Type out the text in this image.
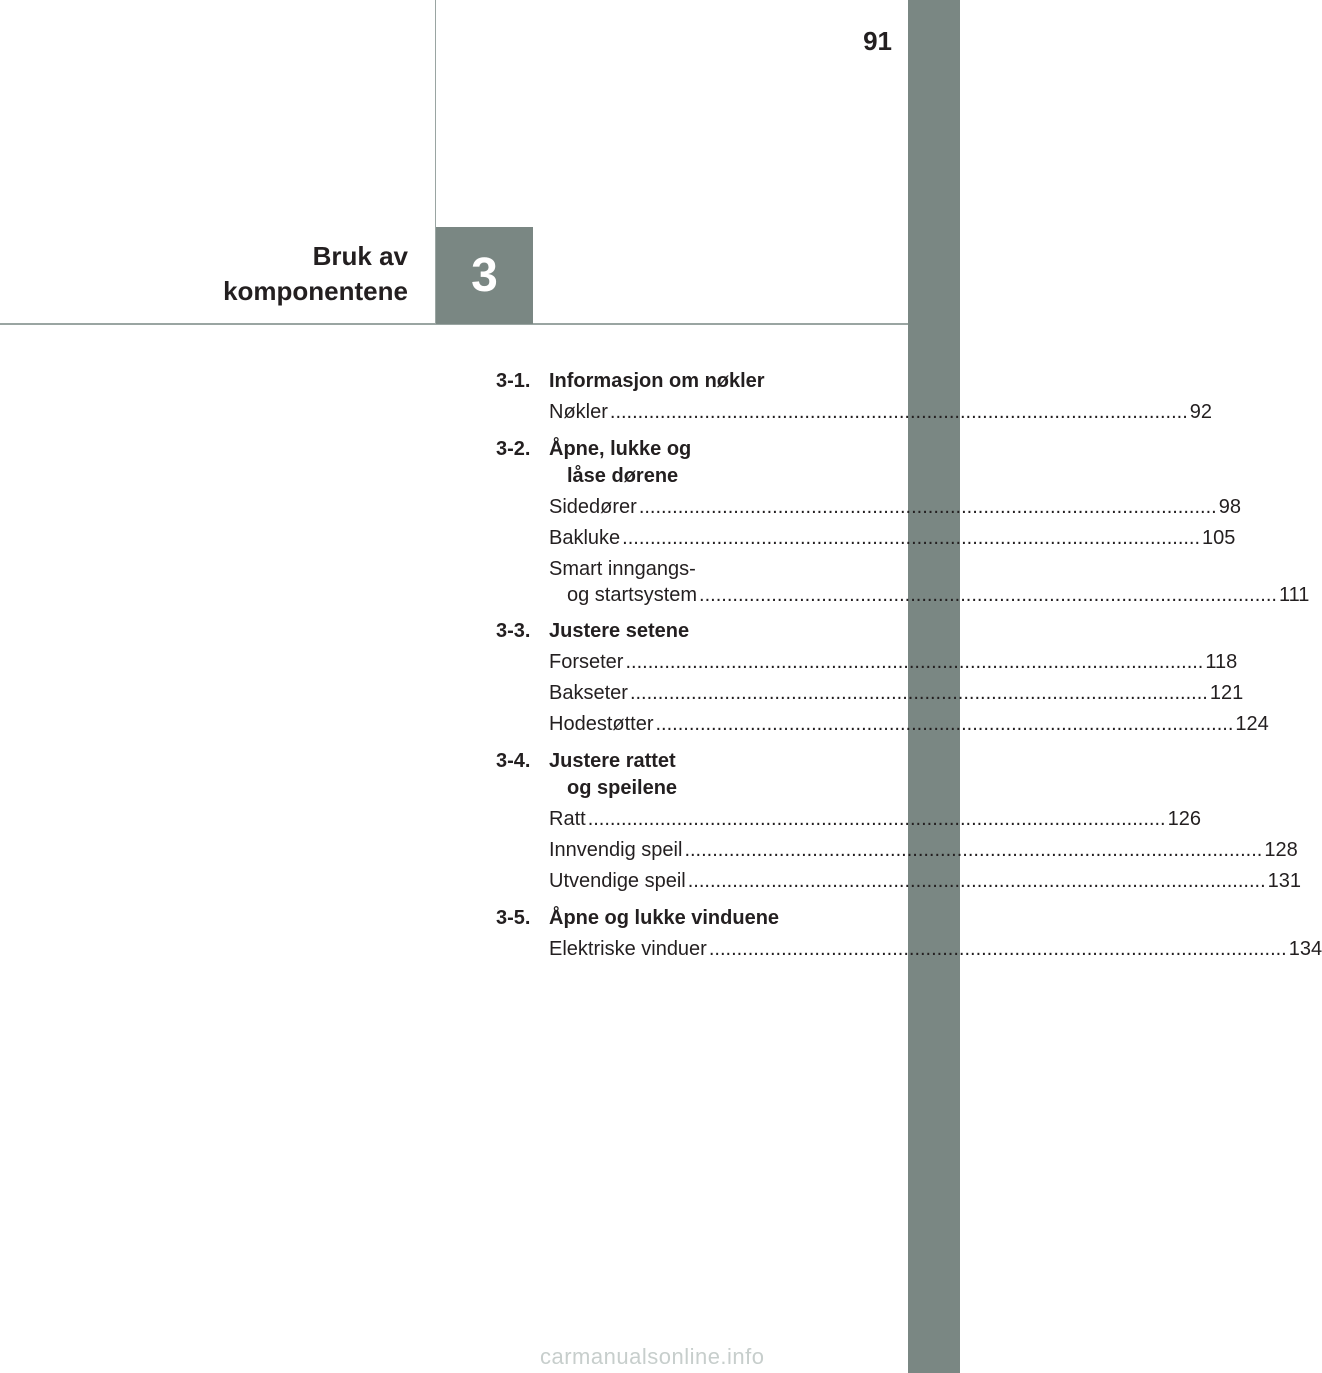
91
3
Bruk av
komponentene
3-1. Informasjon om nøkler
Nøkler .....	92
3-2. Åpne, lukke og
låse dørene
Sidedører .....	98
Bakluke .....	105
Smart inngangs-
og startsystem ........................................................................................................ 111
3-3. Justere setene
Forseter .....	118
Bakseter .....	121
Hodestøtter .....	124
3-4. Justere rattet
og speilene
Ratt .....	126
Innvendig speil .....	128
Utvendige speil .....	131
3-5. Åpne og lukke vinduene
Elektriske vinduer .....	134
carmanualsonline.info
